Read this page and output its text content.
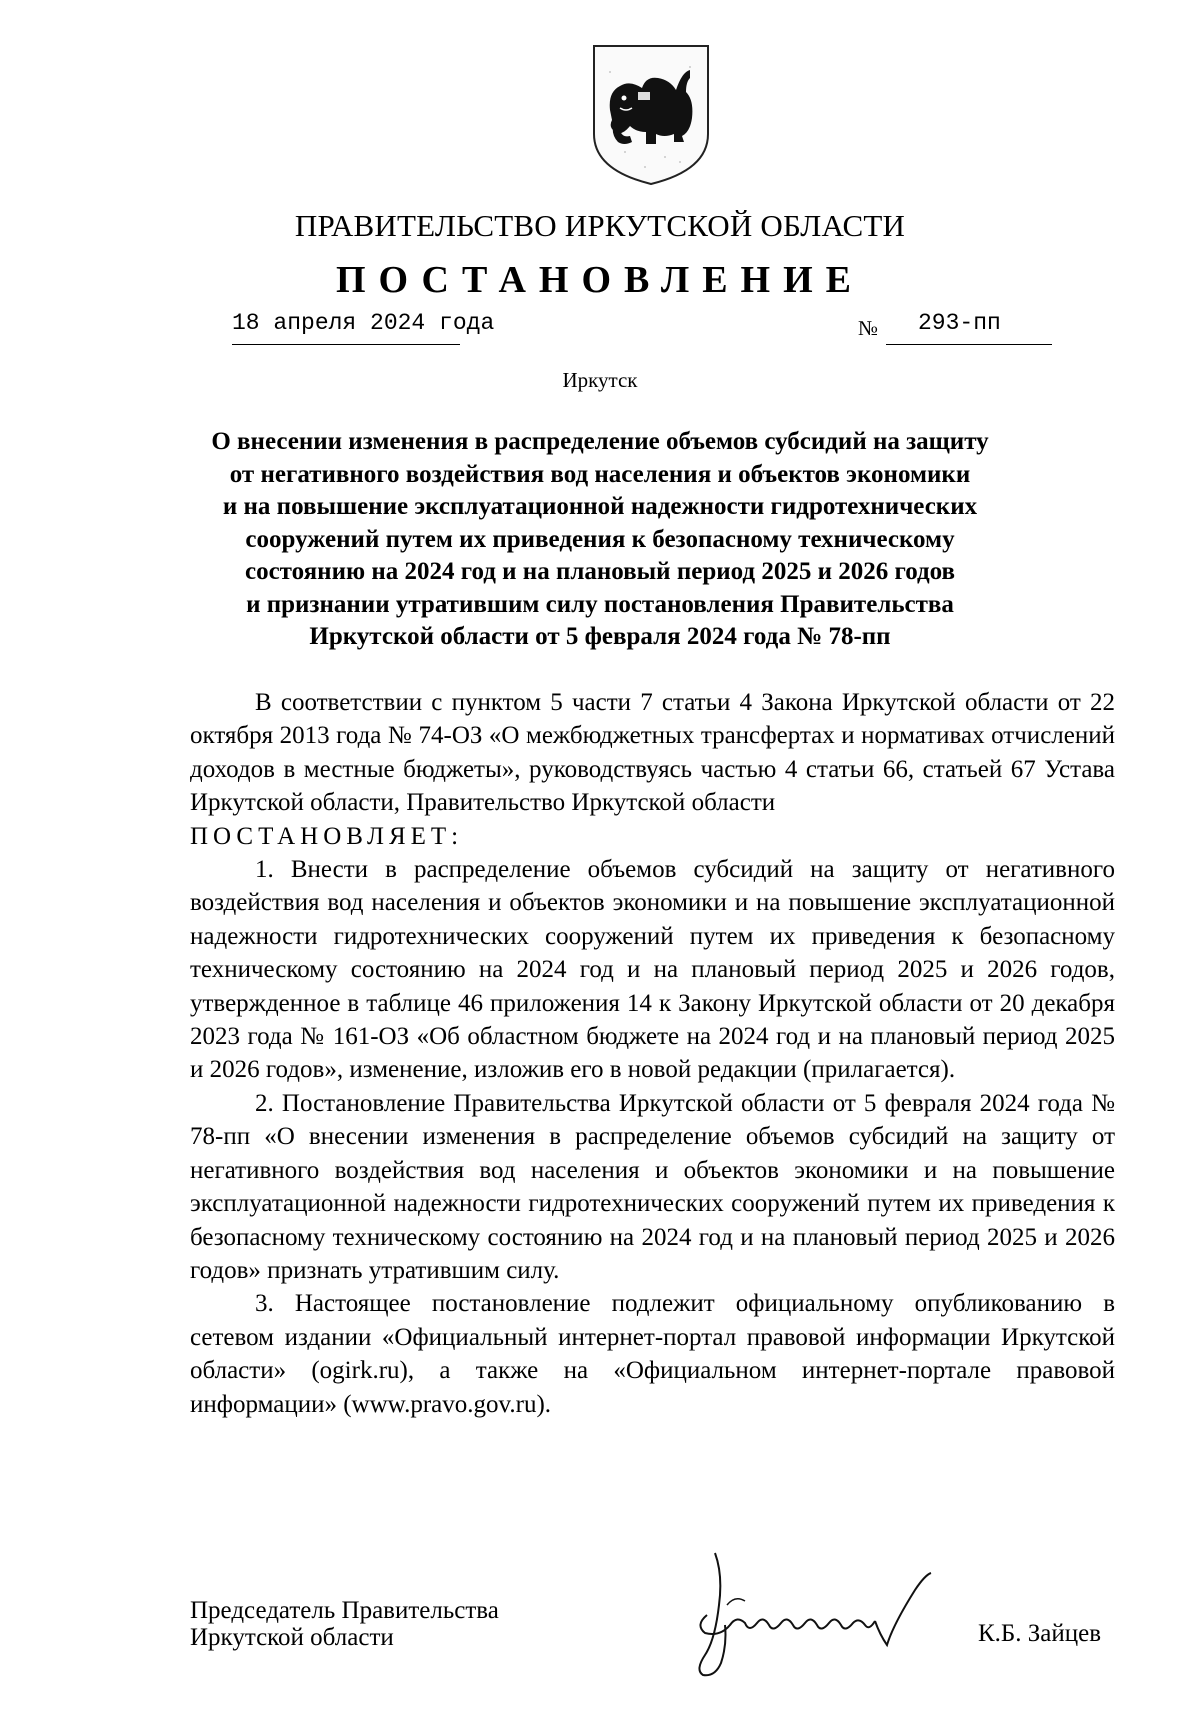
ПРАВИТЕЛЬСТВО ИРКУТСКОЙ ОБЛАСТИ
ПОСТАНОВЛЕНИЕ
18 апреля 2024 года	№ 293-пп
Иркутск
О внесении изменения в распределение объемов субсидий на защиту
от негативного воздействия вод населения и объектов экономики
и на повышение эксплуатационной надежности гидротехнических
сооружений путем их приведения к безопасному техническому
состоянию на 2024 год и на плановый период 2025 и 2026 годов
и признании утратившим силу постановления Правительства
Иркутской области от 5 февраля 2024 года № 78-пп

В соответствии с пунктом 5 части 7 статьи 4 Закона Иркутской области от 22 октября 2013 года № 74-ОЗ «О межбюджетных трансфертах и нормативах отчислений доходов в местные бюджеты», руководствуясь частью 4 статьи 66, статьей 67 Устава Иркутской области, Правительство Иркутской области

ПОСТАНОВЛЯЕТ:

1. Внести в распределение объемов субсидий на защиту от негативного воздействия вод населения и объектов экономики и на повышение эксплуатационной надежности гидротехнических сооружений путем их приведения к безопасному техническому состоянию на 2024 год и на плановый период 2025 и 2026 годов, утвержденное в таблице 46 приложения 14 к Закону Иркутской области от 20 декабря 2023 года № 161-ОЗ «Об областном бюджете на 2024 год и на плановый период 2025 и 2026 годов», изменение, изложив его в новой редакции (прилагается).

2. Постановление Правительства Иркутской области от 5 февраля 2024 года № 78-пп «О внесении изменения в распределение объемов субсидий на защиту от негативного воздействия вод населения и объектов экономики и на повышение эксплуатационной надежности гидротехнических сооружений путем их приведения к безопасному техническому состоянию на 2024 год и на плановый период 2025 и 2026 годов» признать утратившим силу.

3. Настоящее постановление подлежит официальному опубликованию в сетевом издании «Официальный интернет-портал правовой информации Иркутской области» (ogirk.ru), а также на «Официальном интернет-портале правовой информации» (www.pravo.gov.ru).

Председатель Правительства
Иркутской области	К.Б. Зайцев
